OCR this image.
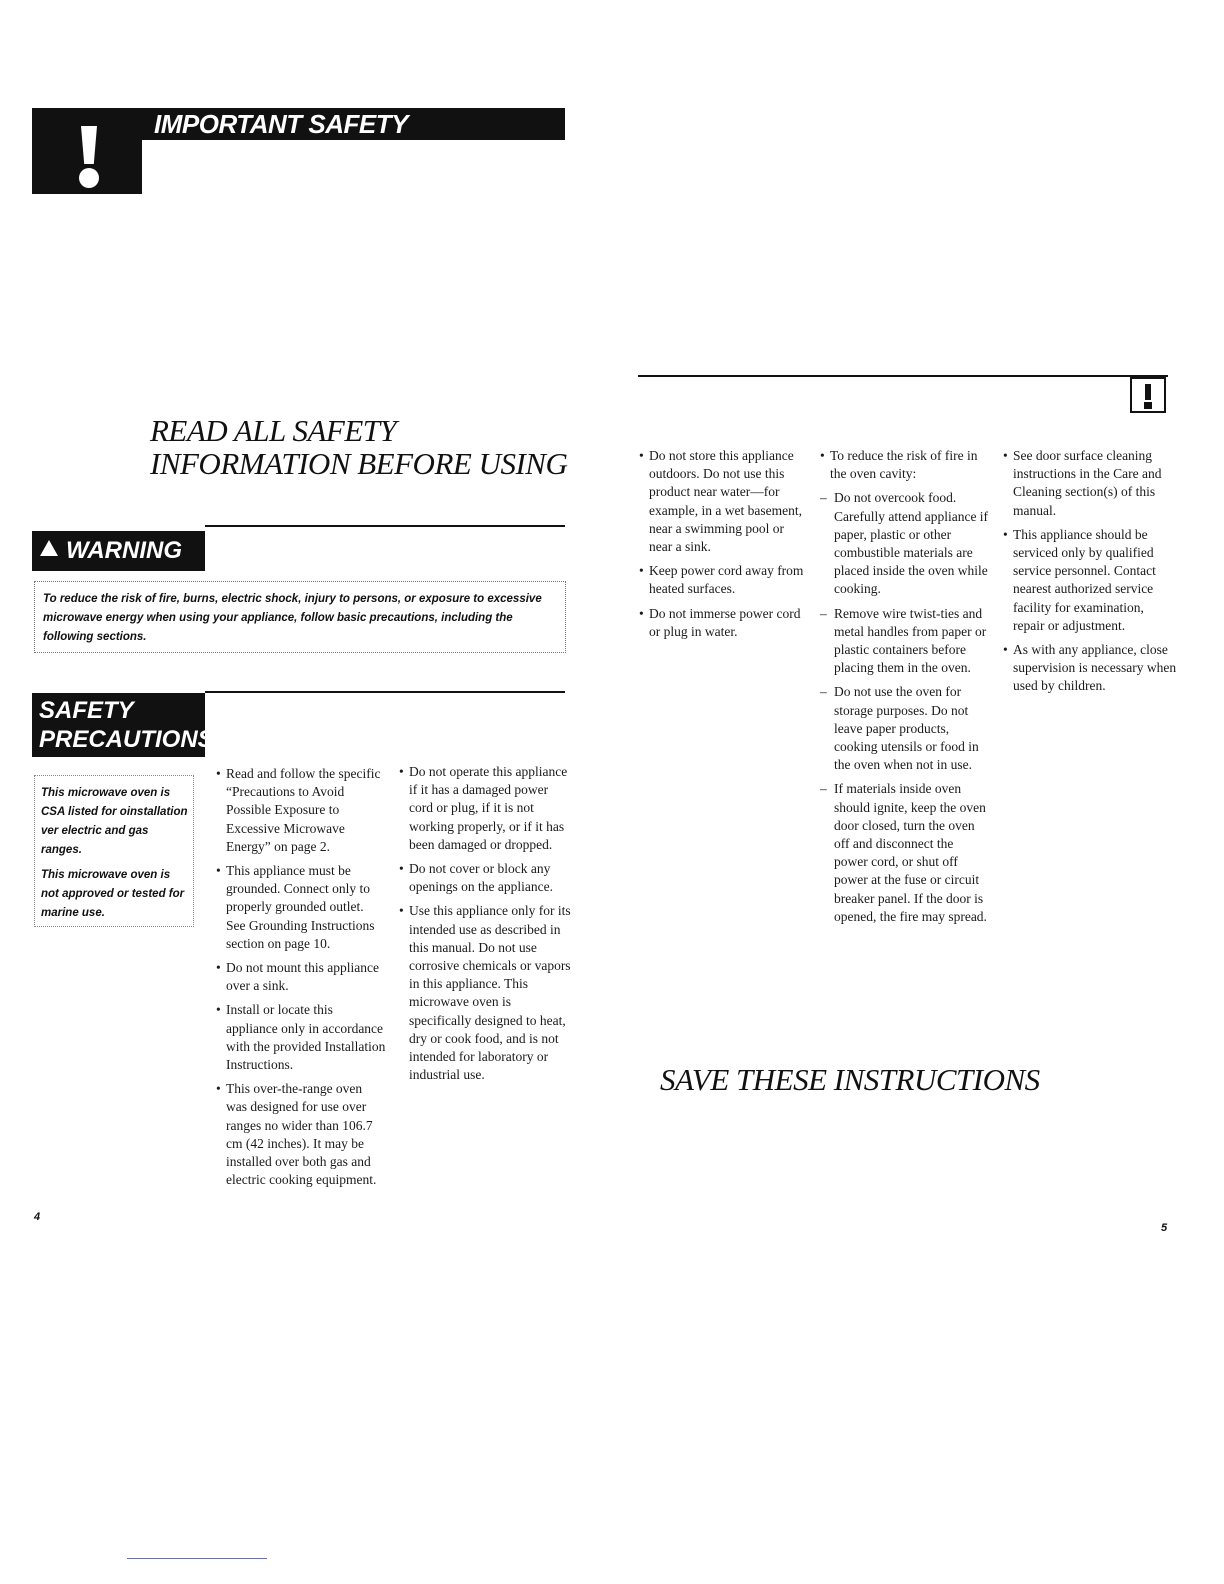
IMPORTANT SAFETY INFORMATION
READ ALL SAFETY
INFORMATION BEFORE USING
WARNING
To reduce the risk of fire, burns, electric shock, injury to persons, or exposure to excessive microwave energy when using your appliance, follow basic precautions, including the following sections.
SAFETY
PRECAUTIONS

This microwave oven is CSA listed for oinstallation ver electric and gas ranges.

This microwave oven is not approved or tested for marine use.

• Read and follow the specific “Precautions to Avoid Possible Exposure to Excessive Microwave Energy” on page 2.
• This appliance must be grounded. Connect only to properly grounded outlet. See Grounding Instructions section on page 10.
• Do not mount this appliance over a sink.
• Install or locate this appliance only in accordance with the provided Installation Instructions.
• This over-the-range oven was designed for use over ranges no wider than 106.7 cm (42 inches). It may be installed over both gas and electric cooking equipment.
• Do not operate this appliance if it has a damaged power cord or plug, if it is not working properly, or if it has been damaged or dropped.
• Do not cover or block any openings on the appliance.
• Use this appliance only for its intended use as described in this manual. Do not use corrosive chemicals or vapors in this appliance. This microwave oven is specifically designed to heat, dry or cook food, and is not intended for laboratory or industrial use.
4
• Do not store this appliance outdoors. Do not use this product near water—for example, in a wet basement, near a swimming pool or near a sink.
• Keep power cord away from heated surfaces.
• Do not immerse power cord or plug in water.
• To reduce the risk of fire in the oven cavity:
– Do not overcook food. Carefully attend appliance if paper, plastic or other combustible materials are placed inside the oven while cooking.
– Remove wire twist-ties and metal handles from paper or plastic containers before placing them in the oven.
– Do not use the oven for storage purposes. Do not leave paper products, cooking utensils or food in the oven when not in use.
– If materials inside oven should ignite, keep the oven door closed, turn the oven off and disconnect the power cord, or shut off power at the fuse or circuit breaker panel. If the door is opened, the fire may spread.
• See door surface cleaning instructions in the Care and Cleaning section(s) of this manual.
• This appliance should be serviced only by qualified service personnel. Contact nearest authorized service facility for examination, repair or adjustment.
• As with any appliance, close supervision is necessary when used by children.
SAVE THESE INSTRUCTIONS
5
